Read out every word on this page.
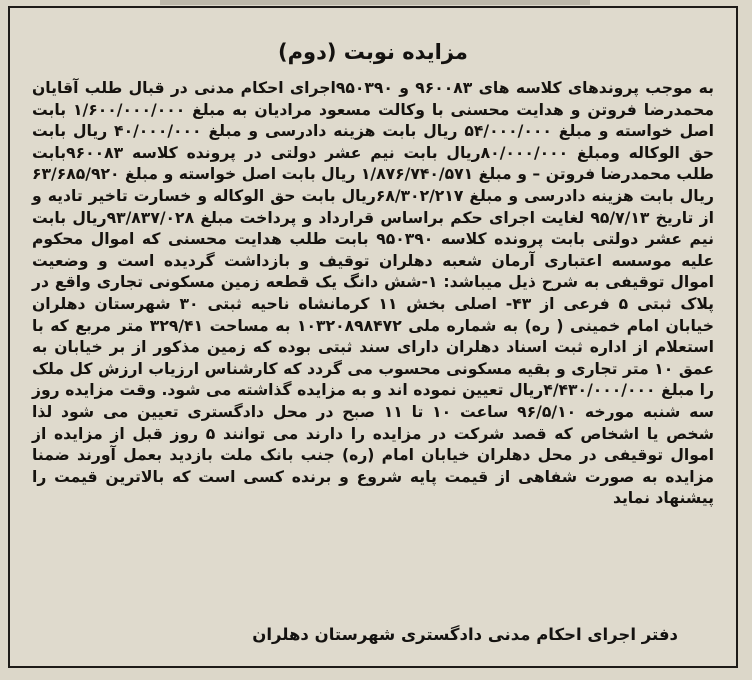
مزایده نوبت (دوم)
به موجب پروندهای کلاسه های ۹۶۰۰۸۳ و ۹۵۰۳۹۰اجرای احکام مدنی در قبال طلب آقایان محمدرضا فروتن و هدایت محسنی با وکالت مسعود مرادیان به مبلغ ۱/۶۰۰/۰۰۰/۰۰۰ بابت اصل خواسته و مبلغ ۵۴/۰۰۰/۰۰۰ ریال بابت هزینه دادرسی و مبلغ ۴۰/۰۰۰/۰۰۰ ریال بابت حق الوکاله ومبلغ ۸۰/۰۰۰/۰۰۰ریال بابت نیم عشر دولتی در پرونده کلاسه ۹۶۰۰۸۳بابت طلب محمدرضا فروتن – و مبلغ ۱/۸۷۶/۷۴۰/۵۷۱ ریال بابت اصل خواسته و مبلغ ۶۳/۶۸۵/۹۲۰ ریال بابت هزینه دادرسی و مبلغ ۶۸/۳۰۲/۲۱۷ریال بابت حق الوکاله و خسارت تاخیر تادیه و از تاریخ ۹۵/۷/۱۳ لغایت اجرای حکم براساس قرارداد و پرداخت مبلغ ۹۳/۸۳۷/۰۲۸ریال بابت نیم عشر دولتی بابت پرونده کلاسه ۹۵۰۳۹۰ بابت طلب هدایت محسنی که اموال محکوم علیه موسسه اعتباری آرمان شعبه دهلران توقیف و بازداشت گردیده است و وضعیت اموال توقیفی به شرح ذیل میباشد: ۱-شش دانگ یک قطعه زمین مسکونی تجاری واقع در پلاک ثبتی ۵ فرعی از ۴۳- اصلی بخش ۱۱ کرمانشاه ناحیه ثبتی ۳۰ شهرستان دهلران خیابان امام خمینی ( ره) به شماره ملی ۱۰۳۲۰۸۹۸۴۷۲ به مساحت ۳۲۹/۴۱ متر مربع که با استعلام از اداره ثبت اسناد دهلران دارای سند ثبتی بوده که زمین مذکور از بر خیابان به عمق ۱۰ متر تجاری و بقیه مسکونی محسوب می گردد که کارشناس ارزیاب ارزش کل ملک را مبلغ ۴/۴۳۰/۰۰۰/۰۰۰ریال تعیین نموده اند و به مزایده گذاشته می شود. وقت مزایده روز سه شنبه مورخه ۹۶/۵/۱۰ ساعت ۱۰ تا ۱۱ صبح در محل دادگستری تعیین می شود لذا شخص یا اشخاص که قصد شرکت در مزایده را دارند می توانند ۵ روز قبل از مزایده از اموال توقیفی در محل دهلران خیابان امام (ره) جنب بانک ملت بازدید بعمل آورند ضمنا مزایده به صورت شفاهی از قیمت پایه شروع و برنده کسی است که بالاترین قیمت را پیشنهاد نماید
دفتر اجرای احکام مدنی دادگستری شهرستان دهلران
